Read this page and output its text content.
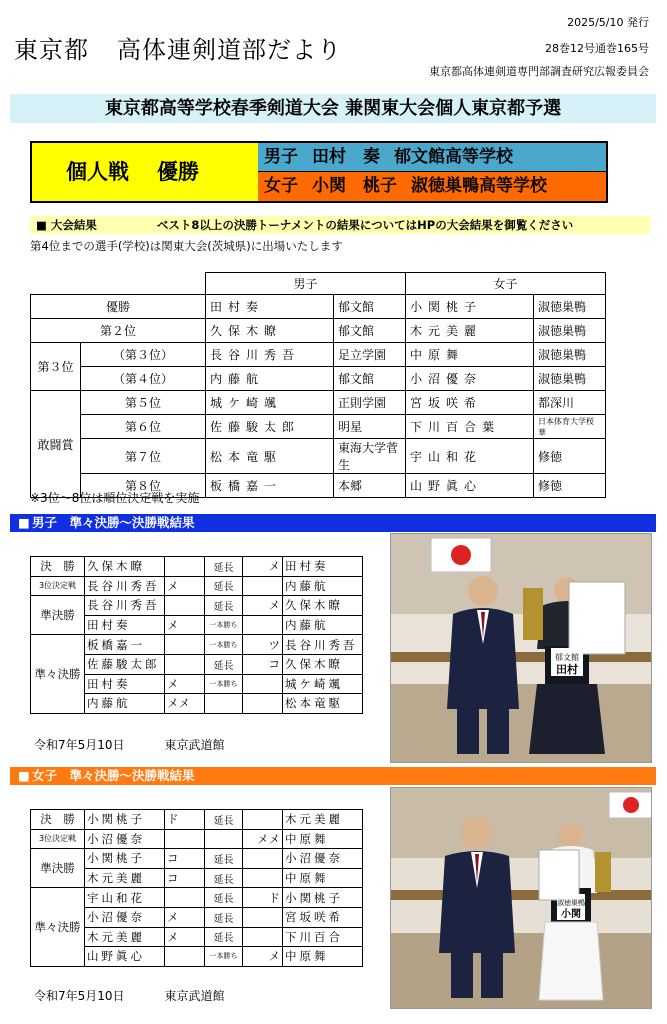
東京都 高体連剣道部だより
2025/5/10 発行
28巻12号通巻165号
東京都高体連剣道専門部調査研究広報委員会
東京都高等学校春季剣道大会 兼関東大会個人東京都予選
個人戦 優勝
男子 田村　奏 郁文館高等学校
女子 小関　桃子 淑徳巣鴨高等学校
■ 大会結果	ベスト8以上の決勝トーナメントの結果についてはHPの大会結果を御覧ください
第4位までの選手(学校)は関東大会(茨城県)に出場いたします
		男子		女子	
優勝		田村奏	郁文館	小関桃子	淑徳巣鴨
第２位		久保木瞭	郁文館	木元美麗	淑徳巣鴨
第３位	（第３位）	長谷川秀吾	足立学園	中原舞	淑徳巣鴨
	（第４位）	内藤航	郁文館	小沼優奈	淑徳巣鴨
敢闘賞	第５位	城ケ崎颯	正則学園	宮坂咲希	都深川
	第６位	佐藤駿太郎	明星	下川百合葉	日本体育大学桜華
	第７位	松本竜駆	東海大学菅生	宇山和花	修徳
	第８位	板橋嘉一	本郷	山野眞心	修徳
※3位～8位は順位決定戦を実施
■ 男子　準々決勝～決勝戦結果
決　勝	久保木瞭		延長	メ	田村奏
3位決定戦	長谷川秀吾	メ	延長		内藤航
準決勝	長谷川秀吾		延長	メ	久保木瞭
	田村奏	メ	一本勝ち		内藤航
準々決勝	板橋嘉一		一本勝ち	ツ	長谷川秀吾
	佐藤駿太郎		延長	コ	久保木瞭
	田村奏	メ	一本勝ち		城ケ崎颯
	内藤航	メメ			松本竜駆
令和7年5月10日	東京武道館
郁文館
田村
■ 女子　準々決勝～決勝戦結果
決　勝	小関桃子	ド	延長		木元美麗
3位決定戦	小沼優奈			メメ	中原舞
準決勝	小関桃子	コ	延長		小沼優奈
	木元美麗	コ	延長		中原舞
準々決勝	宇山和花		延長	ド	小関桃子
	小沼優奈	メ	延長		宮坂咲希
	木元美麗	メ	延長		下川百合
	山野眞心		一本勝ち	メ	中原舞
令和7年5月10日	東京武道館
淑徳巣鴨
小関
